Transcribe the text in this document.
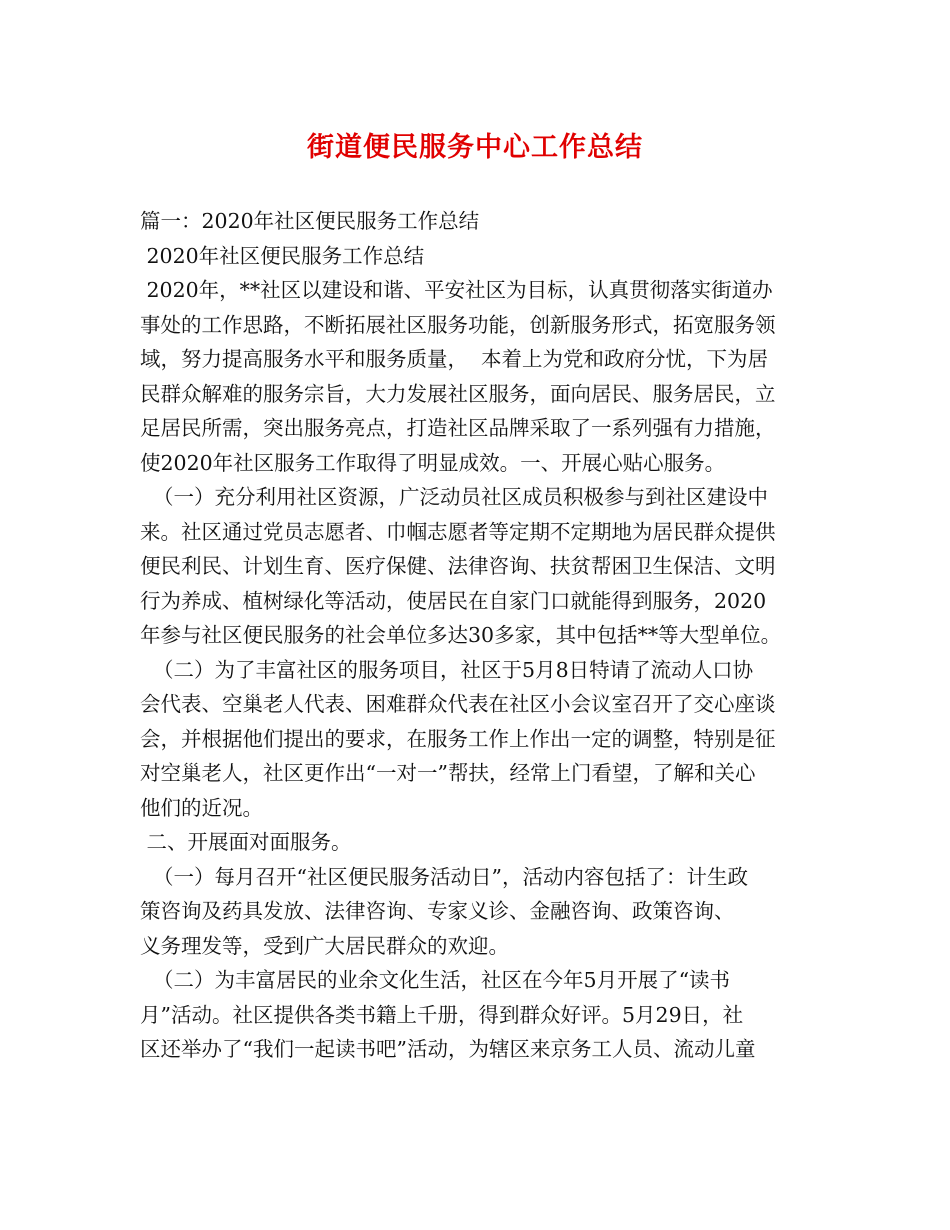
街道便民服务中心工作总结
篇一：2020年社区便民服务工作总结
2020年社区便民服务工作总结
2020年，**社区以建设和谐、平安社区为目标，认真贯彻落实街道办
事处的工作思路，不断拓展社区服务功能，创新服务形式，拓宽服务领
域，努力提高服务水平和服务质量，  本着上为党和政府分忧，下为居
民群众解难的服务宗旨，大力发展社区服务，面向居民、服务居民，立
足居民所需，突出服务亮点，打造社区品牌采取了一系列强有力措施，
使2020年社区服务工作取得了明显成效。一、开展心贴心服务。
（一）充分利用社区资源，广泛动员社区成员积极参与到社区建设中
来。社区通过党员志愿者、巾帼志愿者等定期不定期地为居民群众提供
便民利民、计划生育、医疗保健、法律咨询、扶贫帮困卫生保洁、文明
行为养成、植树绿化等活动，使居民在自家门口就能得到服务，2020
年参与社区便民服务的社会单位多达30多家，其中包括**等大型单位。
（二）为了丰富社区的服务项目，社区于5月8日特请了流动人口协
会代表、空巢老人代表、困难群众代表在社区小会议室召开了交心座谈
会，并根据他们提出的要求，在服务工作上作出一定的调整，特别是征
对空巢老人，社区更作出“一对一”帮扶，经常上门看望，了解和关心
他们的近况。
二、开展面对面服务。
（一）每月召开“社区便民服务活动日”，活动内容包括了：计生政
策咨询及药具发放、法律咨询、专家义诊、金融咨询、政策咨询、
义务理发等，受到广大居民群众的欢迎。
（二）为丰富居民的业余文化生活，社区在今年5月开展了“读书
月”活动。社区提供各类书籍上千册，得到群众好评。5月29日，社
区还举办了“我们一起读书吧”活动，为辖区来京务工人员、流动儿童
